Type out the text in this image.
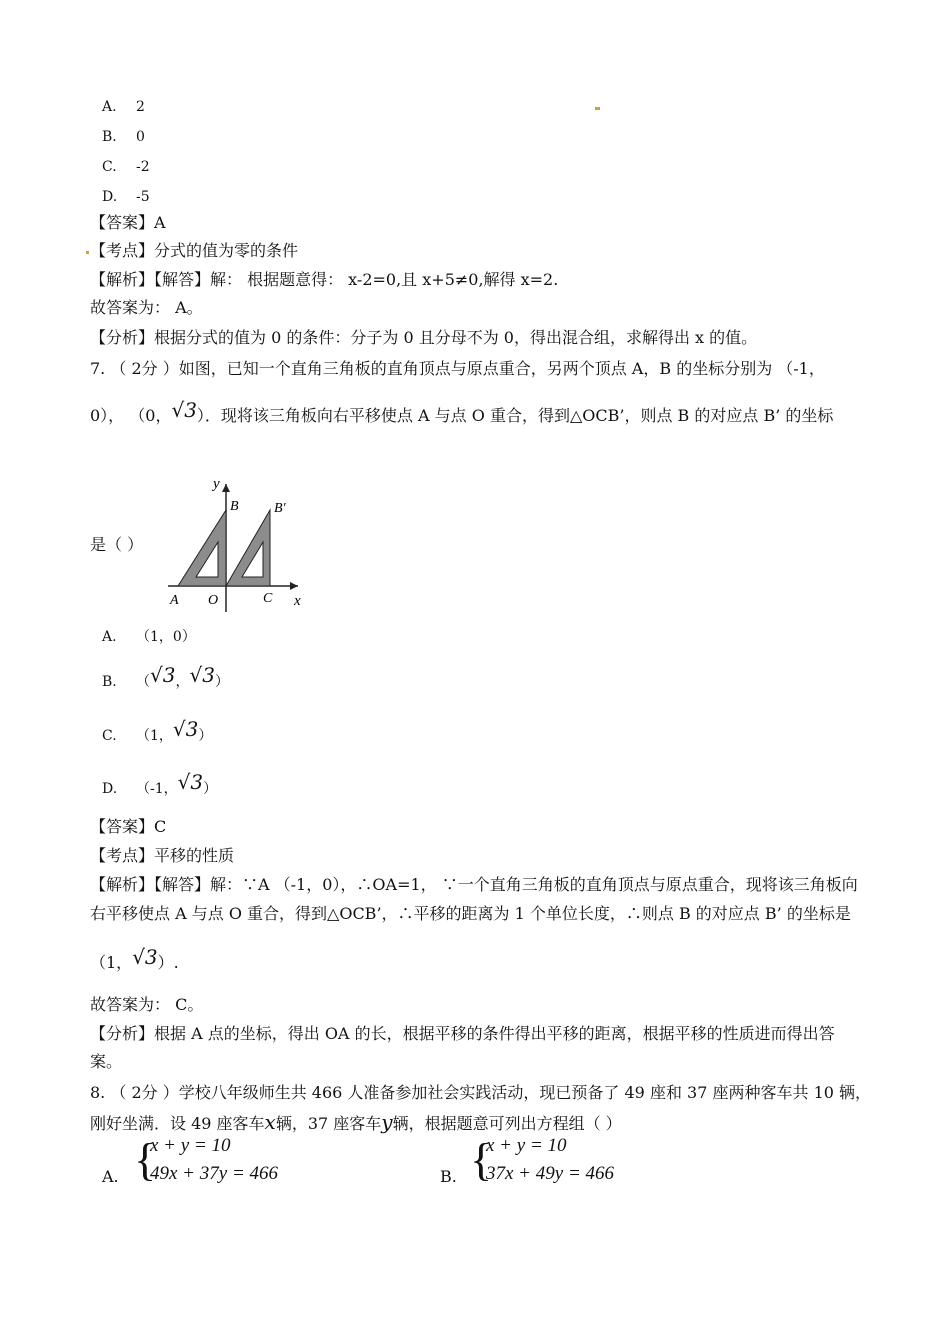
A. 2
B. 0
C. -2
D. -5
【答案】A
【考点】分式的值为零的条件
【解析】【解答】解： 根据题意得： x-2=0,且 x+5≠0,解得 x=2.
故答案为： A。
【分析】根据分式的值为 0 的条件：分子为 0 且分母不为 0，得出混合组，求解得出 x 的值。
7. （ 2分 ）如图，已知一个直角三角板的直角顶点与原点重合，另两个顶点 A，B 的坐标分别为 （-1，
0）， （0，√3）．现将该三角板向右平移使点 A 与点 O 重合，得到△OCB’，则点 B 的对应点 B’ 的坐标
是（ ）
y
x
B	B′
A O	C
A. （1，0）
B. （√3，√3）
C. （1，√3）
D. （-1，√3）
【答案】C
【考点】平移的性质
【解析】【解答】解：∵A （-1，0），∴OA=1， ∵一个直角三角板的直角顶点与原点重合，现将该三角板向
右平移使点 A 与点 O 重合，得到△OCB’，∴平移的距离为 1 个单位长度，∴则点 B 的对应点 B’ 的坐标是
（1，√3）.
故答案为： C。
【分析】根据 A 点的坐标，得出 OA 的长，根据平移的条件得出平移的距离，根据平移的性质进而得出答
案。
8. （ 2分 ）学校八年级师生共 466 人准备参加社会实践活动，现已预备了 49 座和 37 座两种客车共 10 辆，
刚好坐满．设 49 座客车x辆，37 座客车y辆，根据题意可列出方程组（ ）
A. {
x + y = 10
49x + 37y = 466	B. {
x + y = 10
37x + 49y = 466
